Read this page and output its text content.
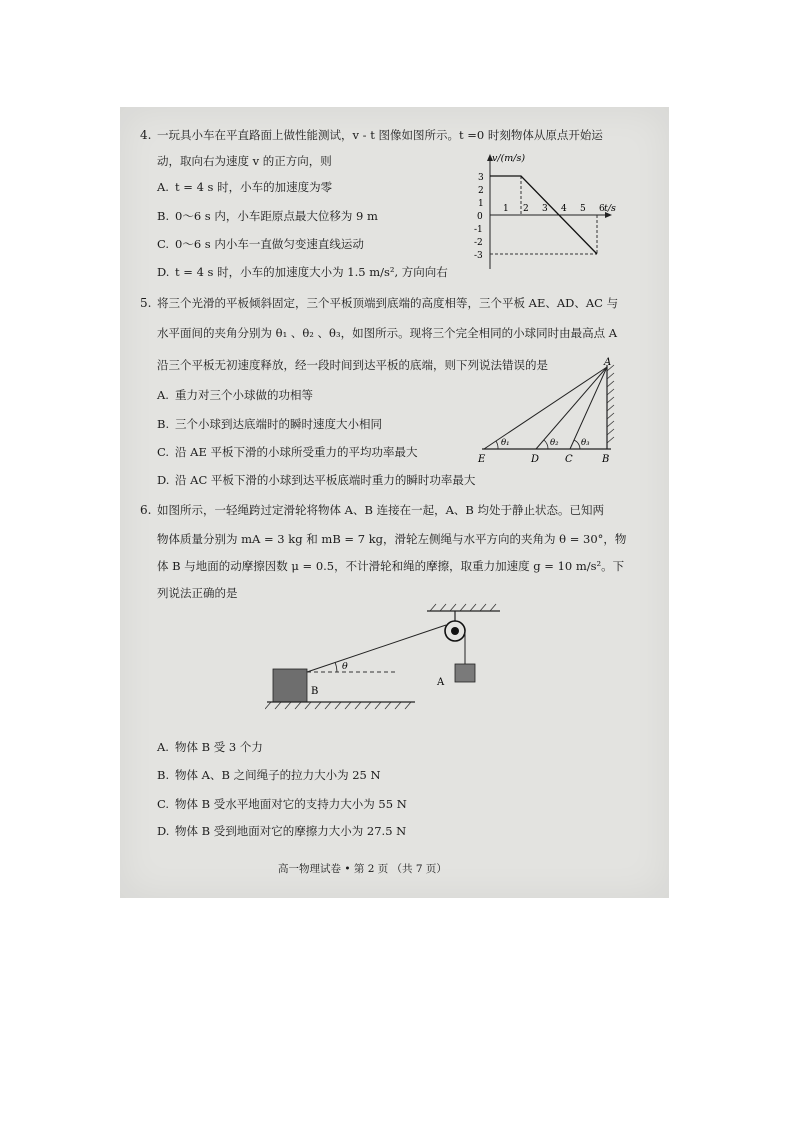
4. 一玩具小车在平直路面上做性能测试，v - t 图像如图所示。t =0 时刻物体从原点开始运
动，取向右为速度 v 的正方向，则
A. t = 4 s 时，小车的加速度为零
B. 0～6 s 内，小车距原点最大位移为 9 m
C. 0～6 s 内小车一直做匀变速直线运动
D. t = 4 s 时，小车的加速度大小为 1.5 m/s², 方向向右
3
2
1
0
-1
-2
-3
1 2 3 4 5 6
v/(m/s)
t/s
5. 将三个光滑的平板倾斜固定，三个平板顶端到底端的高度相等，三个平板 AE、AD、AC 与
水平面间的夹角分别为 θ₁ 、θ₂ 、θ₃，如图所示。现将三个完全相同的小球同时由最高点 A
沿三个平板无初速度释放，经一段时间到达平板的底端，则下列说法错误的是
A. 重力对三个小球做的功相等
B. 三个小球到达底端时的瞬时速度大小相同
C. 沿 AE 平板下滑的小球所受重力的平均功率最大
D. 沿 AC 平板下滑的小球到达平板底端时重力的瞬时功率最大
A
E	D	C	B
θ₁	θ₂	θ₃
6. 如图所示，一轻绳跨过定滑轮将物体 A、B 连接在一起，A、B 均处于静止状态。已知两
物体质量分别为 mA = 3 kg 和 mB = 7 kg，滑轮左侧绳与水平方向的夹角为 θ = 30°，物
体 B 与地面的动摩擦因数 μ = 0.5，不计滑轮和绳的摩擦，取重力加速度 g = 10 m/s²。下
列说法正确的是
θ
A
B
A. 物体 B 受 3 个力
B. 物体 A、B 之间绳子的拉力大小为 25 N
C. 物体 B 受水平地面对它的支持力大小为 55 N
D. 物体 B 受到地面对它的摩擦力大小为 27.5 N
高一物理试卷 • 第 2 页 （共 7 页）
